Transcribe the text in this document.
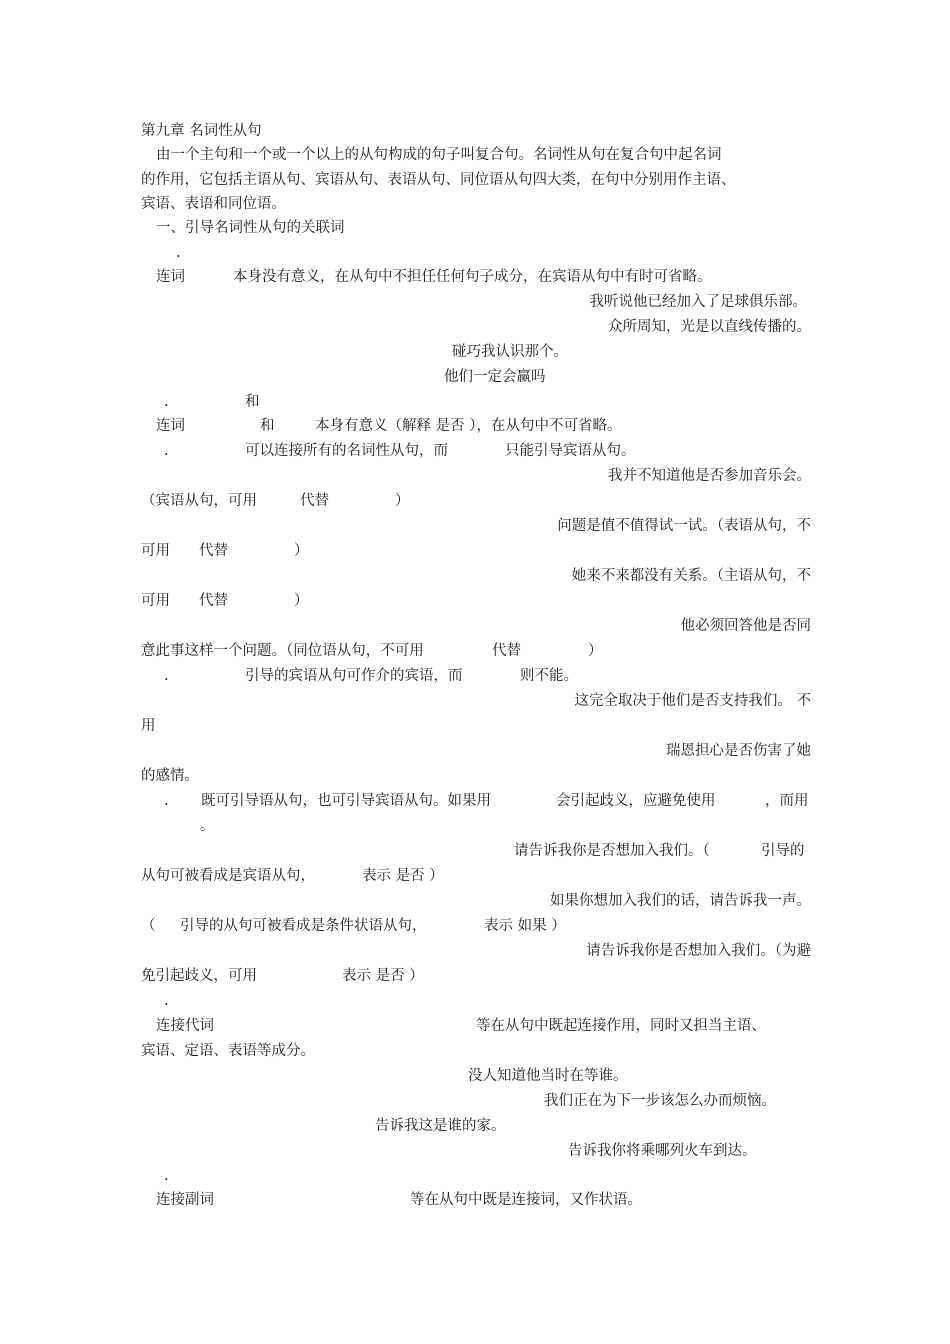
第九章 名词性从句
由一个主句和一个或一个以上的从句构成的句子叫复合句。名词性从句在复合句中起名词
的作用，它包括主语从句、宾语从句、表语从句、同位语从句四大类，在句中分别用作主语、
宾语、表语和同位语。
一、引导名词性从句的关联词
.
连词	本身没有意义，在从句中不担任任何句子成分，在宾语从句中有时可省略。
我听说他已经加入了足球俱乐部。
众所周知，光是以直线传播的。
碰巧我认识那个。
他们一定会赢吗
.	和
连词	和	本身有意义（解释 是否 ），在从句中不可省略。
.	可以连接所有的名词性从句，而	只能引导宾语从句。
我并不知道他是否参加音乐会。
（宾语从句，可用	代替	）
问题是值不值得试一试。（表语从句，不
可用 代替	）
她来不来都没有关系。（主语从句，不
可用 代替	）
他必须回答他是否同
意此事这样一个问题。（同位语从句，不可用	代替	）
.	引导的宾语从句可作介的宾语，而	则不能。
这完全取决于他们是否支持我们。 不
用
瑞恩担心是否伤害了她
的感情。
. 既可引导语从句，也可引导宾语从句。如果用	会引起歧义，应避免使用	，而用
。
请告诉我你是否想加入我们。（	引导的
从句可被看成是宾语从句，	表示 是否 ）
如果你想加入我们的话，请告诉我一声。
（ 引导的从句可被看成是条件状语从句，	表示 如果 ）
请告诉我你是否想加入我们。（为避
免引起歧义，可用	表示 是否 ）
.
连接代词	等在从句中既起连接作用，同时又担当主语、
宾语、定语、表语等成分。
没人知道他当时在等谁。
我们正在为下一步该怎么办而烦恼。
告诉我这是谁的家。
告诉我你将乘哪列火车到达。
.
连接副词	等在从句中既是连接词，又作状语。
